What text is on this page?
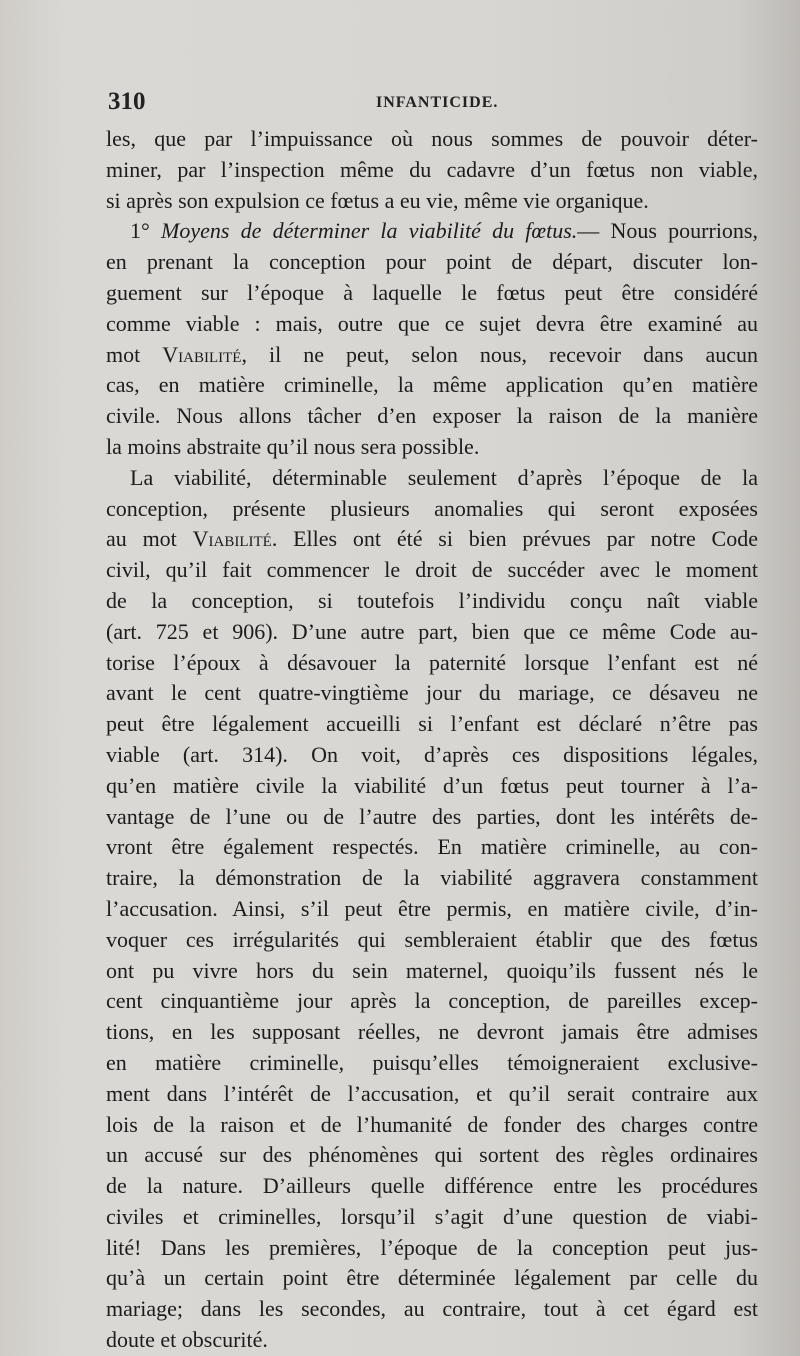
310	INFANTICIDE.
les, que par l’impuissance où nous sommes de pouvoir déter-
miner, par l’inspection même du cadavre d’un fœtus non viable,
si après son expulsion ce fœtus a eu vie, même vie organique.
1° Moyens de déterminer la viabilité du fœtus.— Nous pourrions,
en prenant la conception pour point de départ, discuter lon-
guement sur l’époque à laquelle le fœtus peut être considéré
comme viable : mais, outre que ce sujet devra être examiné au
mot Viabilité, il ne peut, selon nous, recevoir dans aucun
cas, en matière criminelle, la même application qu’en matière
civile. Nous allons tâcher d’en exposer la raison de la manière
la moins abstraite qu’il nous sera possible.
La viabilité, déterminable seulement d’après l’époque de la
conception, présente plusieurs anomalies qui seront exposées
au mot Viabilité. Elles ont été si bien prévues par notre Code
civil, qu’il fait commencer le droit de succéder avec le moment
de la conception, si toutefois l’individu conçu naît viable
(art. 725 et 906). D’une autre part, bien que ce même Code au-
torise l’époux à désavouer la paternité lorsque l’enfant est né
avant le cent quatre-vingtième jour du mariage, ce désaveu ne
peut être légalement accueilli si l’enfant est déclaré n’être pas
viable (art. 314). On voit, d’après ces dispositions légales,
qu’en matière civile la viabilité d’un fœtus peut tourner à l’a-
vantage de l’une ou de l’autre des parties, dont les intérêts de-
vront être également respectés. En matière criminelle, au con-
traire, la démonstration de la viabilité aggravera constamment
l’accusation. Ainsi, s’il peut être permis, en matière civile, d’in-
voquer ces irrégularités qui sembleraient établir que des fœtus
ont pu vivre hors du sein maternel, quoiqu’ils fussent nés le
cent cinquantième jour après la conception, de pareilles excep-
tions, en les supposant réelles, ne devront jamais être admises
en matière criminelle, puisqu’elles témoigneraient exclusive-
ment dans l’intérêt de l’accusation, et qu’il serait contraire aux
lois de la raison et de l’humanité de fonder des charges contre
un accusé sur des phénomènes qui sortent des règles ordinaires
de la nature. D’ailleurs quelle différence entre les procédures
civiles et criminelles, lorsqu’il s’agit d’une question de viabi-
lité! Dans les premières, l’époque de la conception peut jus-
qu’à un certain point être déterminée légalement par celle du
mariage; dans les secondes, au contraire, tout à cet égard est
doute et obscurité.
